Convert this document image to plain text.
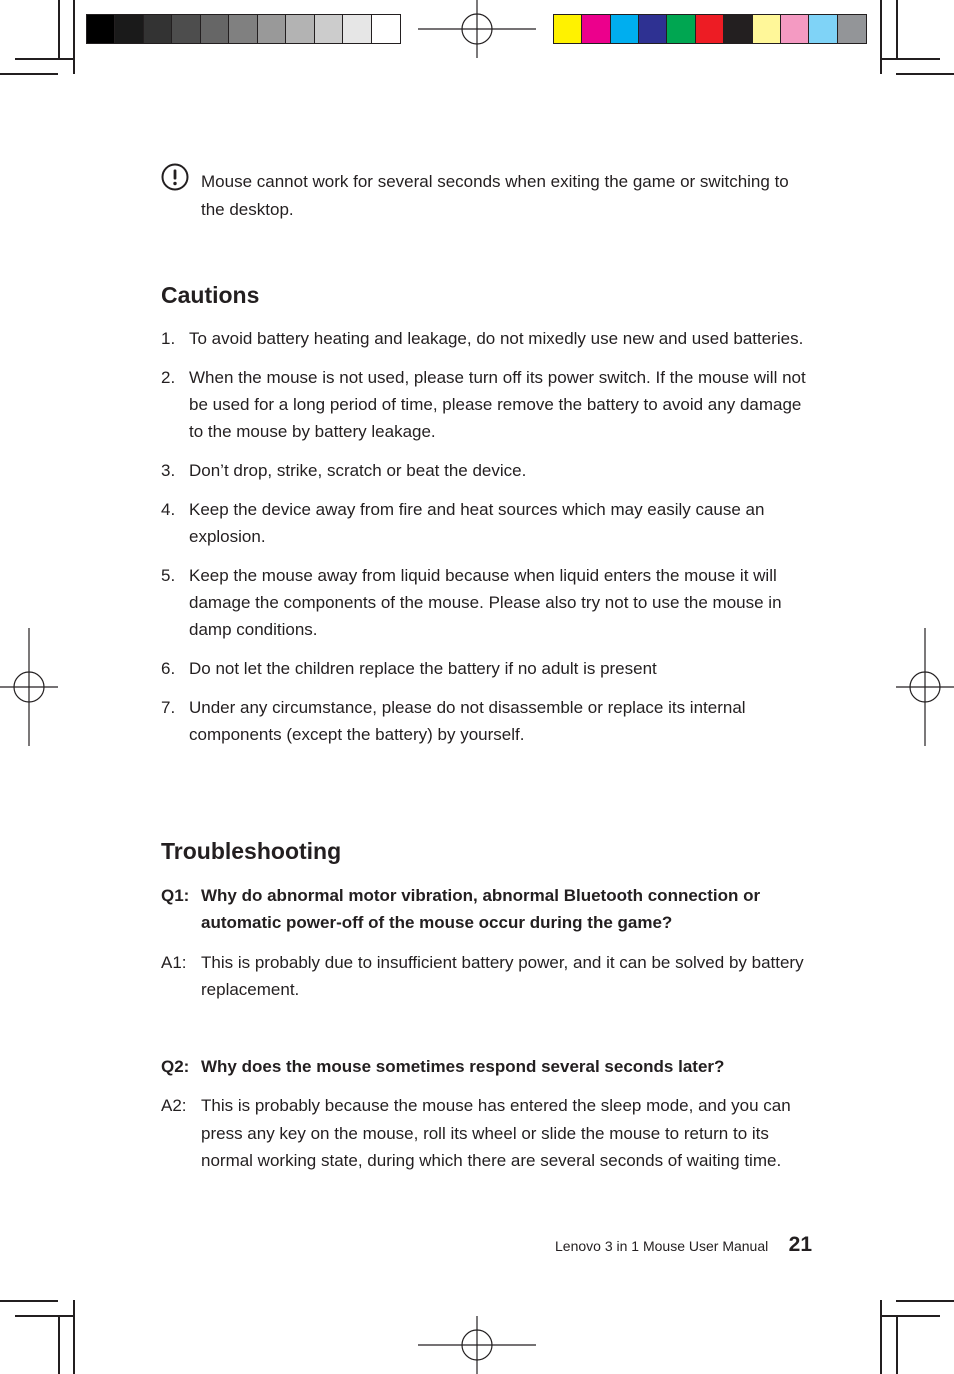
Mouse cannot work for several seconds when exiting the game or switching to the desktop.
Cautions
1. To avoid battery heating and leakage, do not mixedly use new and used batteries.
2. When the mouse is not used, please turn off its power switch. If the mouse will not be used for a long period of time, please remove the battery to avoid any damage to the mouse by battery leakage.
3. Don’t drop, strike, scratch or beat the device.
4. Keep the device away from fire and heat sources which may easily cause an explosion.
5. Keep the mouse away from liquid because when liquid enters the mouse it will damage the components of the mouse. Please also try not to use the mouse in damp conditions.
6. Do not let the children replace the battery if no adult is present
7. Under any circumstance, please do not disassemble or replace its internal components (except the battery) by yourself.
Troubleshooting
Q1: Why do abnormal motor vibration, abnormal Bluetooth connection or automatic power-off of the mouse occur during the game?
A1: This is probably due to insufficient battery power, and it can be solved by battery replacement.
Q2: Why does the mouse sometimes respond several seconds later?
A2: This is probably because the mouse has entered the sleep mode, and you can press any key on the mouse, roll its wheel or slide the mouse to return to its normal working state, during which there are several seconds of waiting time.
Lenovo 3 in 1 Mouse User Manual 21
